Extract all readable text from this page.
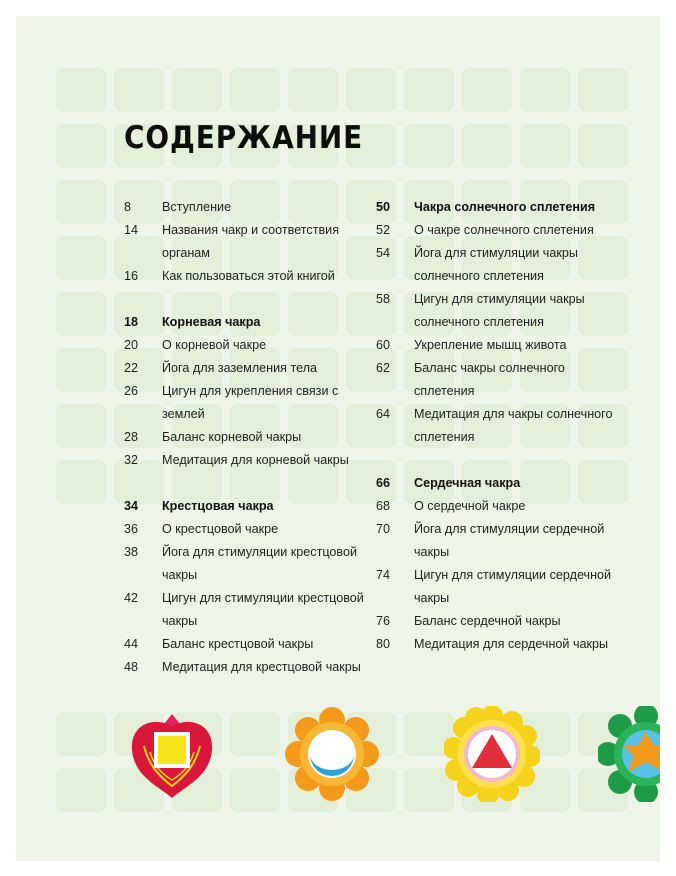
СОДЕРЖАНИЕ
8	Вступление
14	Названия чакр и соответствия органам
16	Как пользоваться этой книгой
18	Корневая чакра
20	О корневой чакре
22	Йога для заземления тела
26	Цигун для укрепления связи с землей
28	Баланс корневой чакры
32	Медитация для корневой чакры
34	Крестцовая чакра
36	О крестцовой чакре
38	Йога для стимуляции крестцовой чакры
42	Цигун для стимуляции крестцовой чакры
44	Баланс крестцовой чакры
48	Медитация для крестцовой чакры
50	Чакра солнечного сплетения
52	О чакре солнечного сплетения
54	Йога для стимуляции чакры солнечного сплетения
58	Цигун для стимуляции чакры солнечного сплетения
60	Укрепление мышц живота
62	Баланс чакры солнечного сплетения
64	Медитация для чакры солнечного сплетения
66	Сердечная чакра
68	О сердечной чакре
70	Йога для стимуляции сердечной чакры
74	Цигун для стимуляции сердечной чакры
76	Баланс сердечной чакры
80	Медитация для сердечной чакры
